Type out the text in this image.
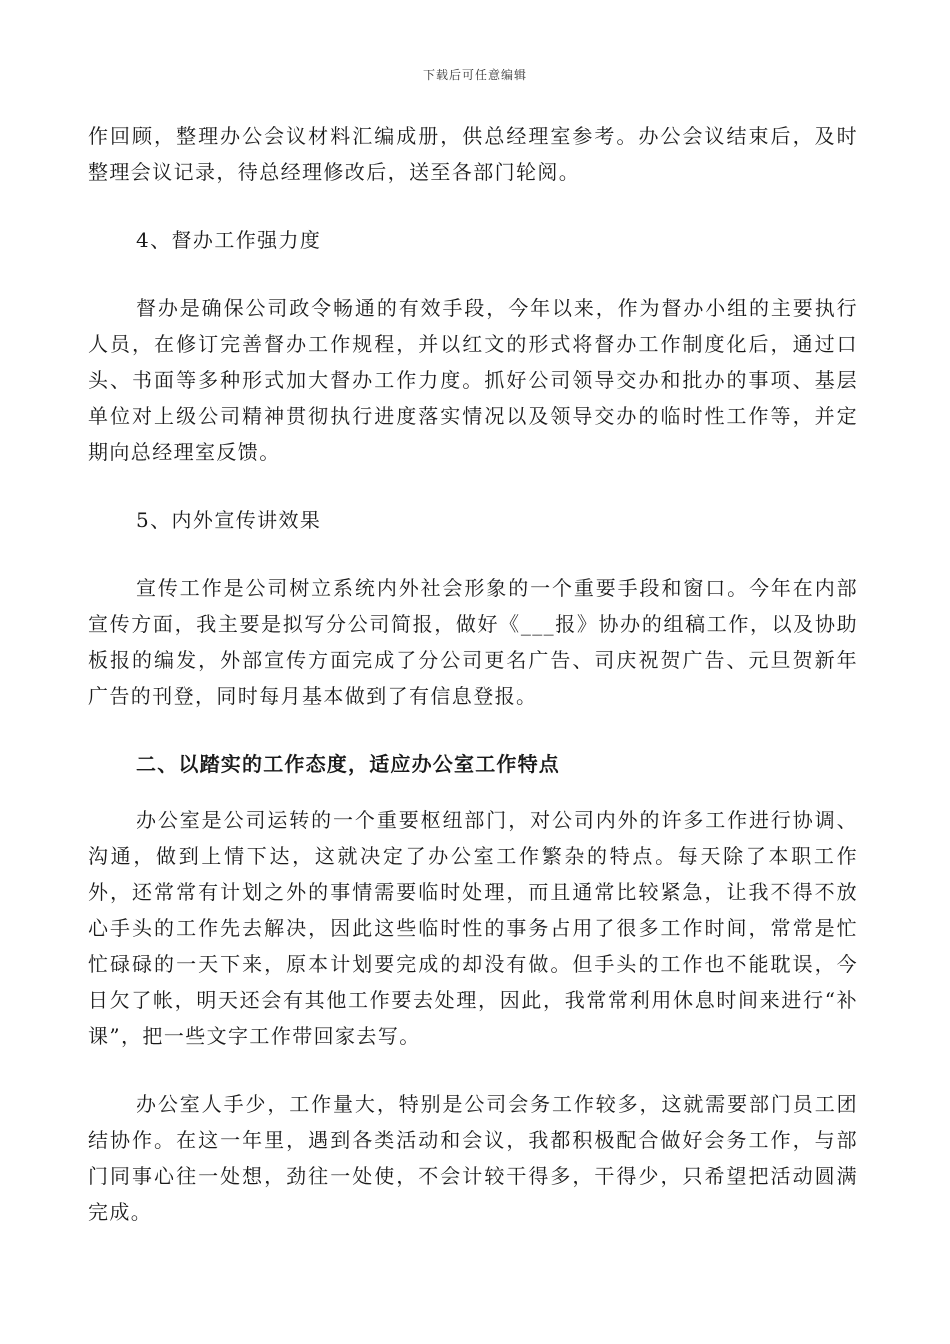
下载后可任意编辑

作回顾，整理办公会议材料汇编成册，供总经理室参考。办公会议结束后，及时整理会议记录，待总经理修改后，送至各部门轮阅。

4、督办工作强力度

督办是确保公司政令畅通的有效手段，今年以来，作为督办小组的主要执行人员，在修订完善督办工作规程，并以红文的形式将督办工作制度化后，通过口头、书面等多种形式加大督办工作力度。抓好公司领导交办和批办的事项、基层单位对上级公司精神贯彻执行进度落实情况以及领导交办的临时性工作等，并定期向总经理室反馈。

5、内外宣传讲效果

宣传工作是公司树立系统内外社会形象的一个重要手段和窗口。今年在内部宣传方面，我主要是拟写分公司简报，做好《___报》协办的组稿工作，以及协助板报的编发，外部宣传方面完成了分公司更名广告、司庆祝贺广告、元旦贺新年广告的刊登，同时每月基本做到了有信息登报。

二、以踏实的工作态度，适应办公室工作特点

办公室是公司运转的一个重要枢纽部门，对公司内外的许多工作进行协调、沟通，做到上情下达，这就决定了办公室工作繁杂的特点。每天除了本职工作外，还常常有计划之外的事情需要临时处理，而且通常比较紧急，让我不得不放心手头的工作先去解决，因此这些临时性的事务占用了很多工作时间，常常是忙忙碌碌的一天下来，原本计划要完成的却没有做。但手头的工作也不能耽误，今日欠了帐，明天还会有其他工作要去处理，因此，我常常利用休息时间来进行“补课”，把一些文字工作带回家去写。

办公室人手少，工作量大，特别是公司会务工作较多，这就需要部门员工团结协作。在这一年里，遇到各类活动和会议，我都积极配合做好会务工作，与部门同事心往一处想，劲往一处使，不会计较干得多，干得少，只希望把活动圆满完成。
